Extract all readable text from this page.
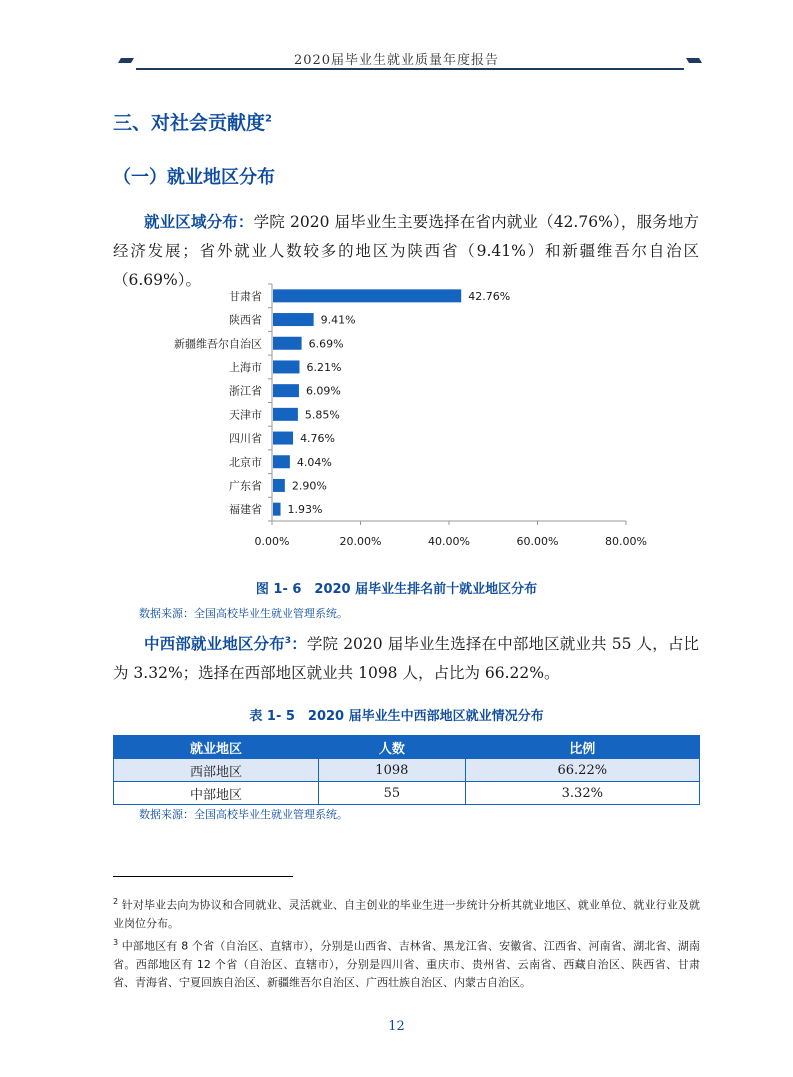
2020届毕业生就业质量年度报告
三、对社会贡献度$^2$
（一）就业地区分布
就业区域分布：学院 2020 届毕业生主要选择在省内就业（42.76%），服务地方经济发展；省外就业人数较多的地区为陕西省（9.41%）和新疆维吾尔自治区（6.69%）。
甘肃省	42.76%
陕西省	9.41%
新疆维吾尔自治区	6.69%
上海市	6.21%
浙江省	6.09%
天津市	5.85%
四川省	4.76%
北京市	4.04%
广东省	2.90%
福建省 1.93%
0.00%	20.00%	40.00%	60.00%	80.00%
图 1- 6　2020 届毕业生排名前十就业地区分布
数据来源：全国高校毕业生就业管理系统。
中西部就业地区分布$^3$：学院 2020 届毕业生选择在中部地区就业共 55 人，占比为 3.32%；选择在西部地区就业共 1098 人，占比为 66.22%。
表 1- 5　2020 届毕业生中西部地区就业情况分布
就业地区	人数	比例
西部地区	1098	66.22%
中部地区	55	3.32%
数据来源：全国高校毕业生就业管理系统。
$^2$ 针对毕业去向为协议和合同就业、灵活就业、自主创业的毕业生进一步统计分析其就业地区、就业单位、就业行业及就业岗位分布。
$^3$ 中部地区有 8 个省（自治区、直辖市），分别是山西省、吉林省、黑龙江省、安徽省、江西省、河南省、湖北省、湖南省。西部地区有 12 个省（自治区、直辖市），分别是四川省、重庆市、贵州省、云南省、西藏自治区、陕西省、甘肃省、青海省、宁夏回族自治区、新疆维吾尔自治区、广西壮族自治区、内蒙古自治区。
12
